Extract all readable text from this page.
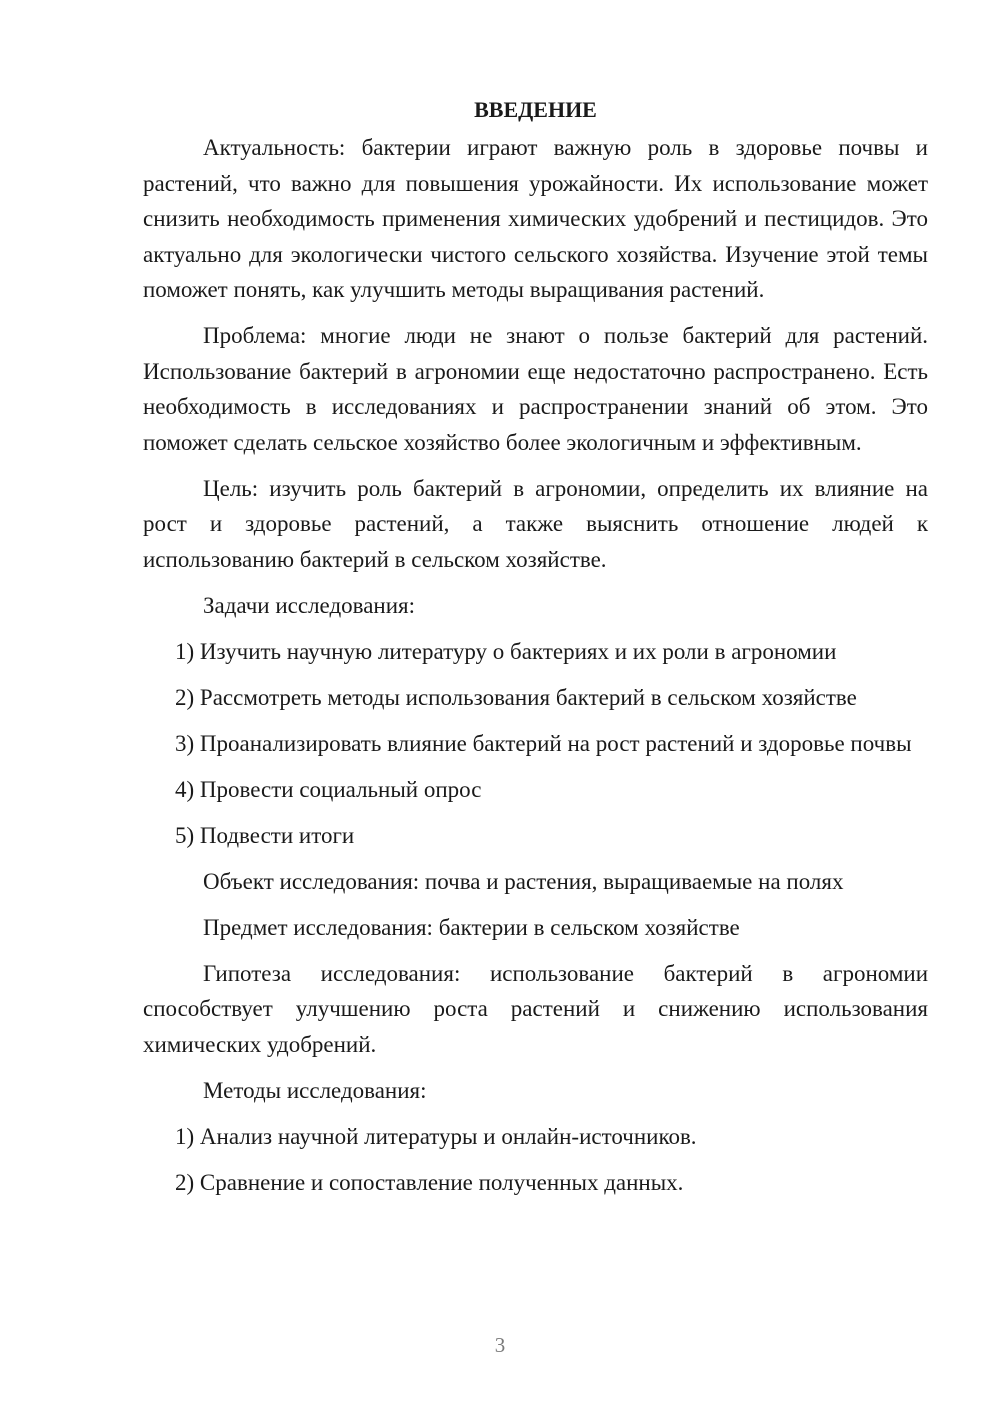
ВВЕДЕНИЕ

Актуальность: бактерии играют важную роль в здоровье почвы и растений, что важно для повышения урожайности. Их использование может снизить необходимость применения химических удобрений и пестицидов. Это актуально для экологически чистого сельского хозяйства. Изучение этой темы поможет понять, как улучшить методы выращивания растений.

Проблема: многие люди не знают о пользе бактерий для растений. Использование бактерий в агрономии еще недостаточно распространено. Есть необходимость в исследованиях и распространении знаний об этом. Это поможет сделать сельское хозяйство более экологичным и эффективным.

Цель: изучить роль бактерий в агрономии, определить их влияние на рост и здоровье растений, а также выяснить отношение людей к использованию бактерий в сельском хозяйстве.

Задачи исследования:

1) Изучить научную литературу о бактериях и их роли в агрономии

2) Рассмотреть методы использования бактерий в сельском хозяйстве

3) Проанализировать влияние бактерий на рост растений и здоровье почвы

4) Провести социальный опрос

5) Подвести итоги

Объект исследования: почва и растения, выращиваемые на полях

Предмет исследования: бактерии в сельском хозяйстве

Гипотеза исследования: использование бактерий в агрономии способствует улучшению роста растений и снижению использования химических удобрений.

Методы исследования:

1) Анализ научной литературы и онлайн-источников.

2) Сравнение и сопоставление полученных данных.

3
